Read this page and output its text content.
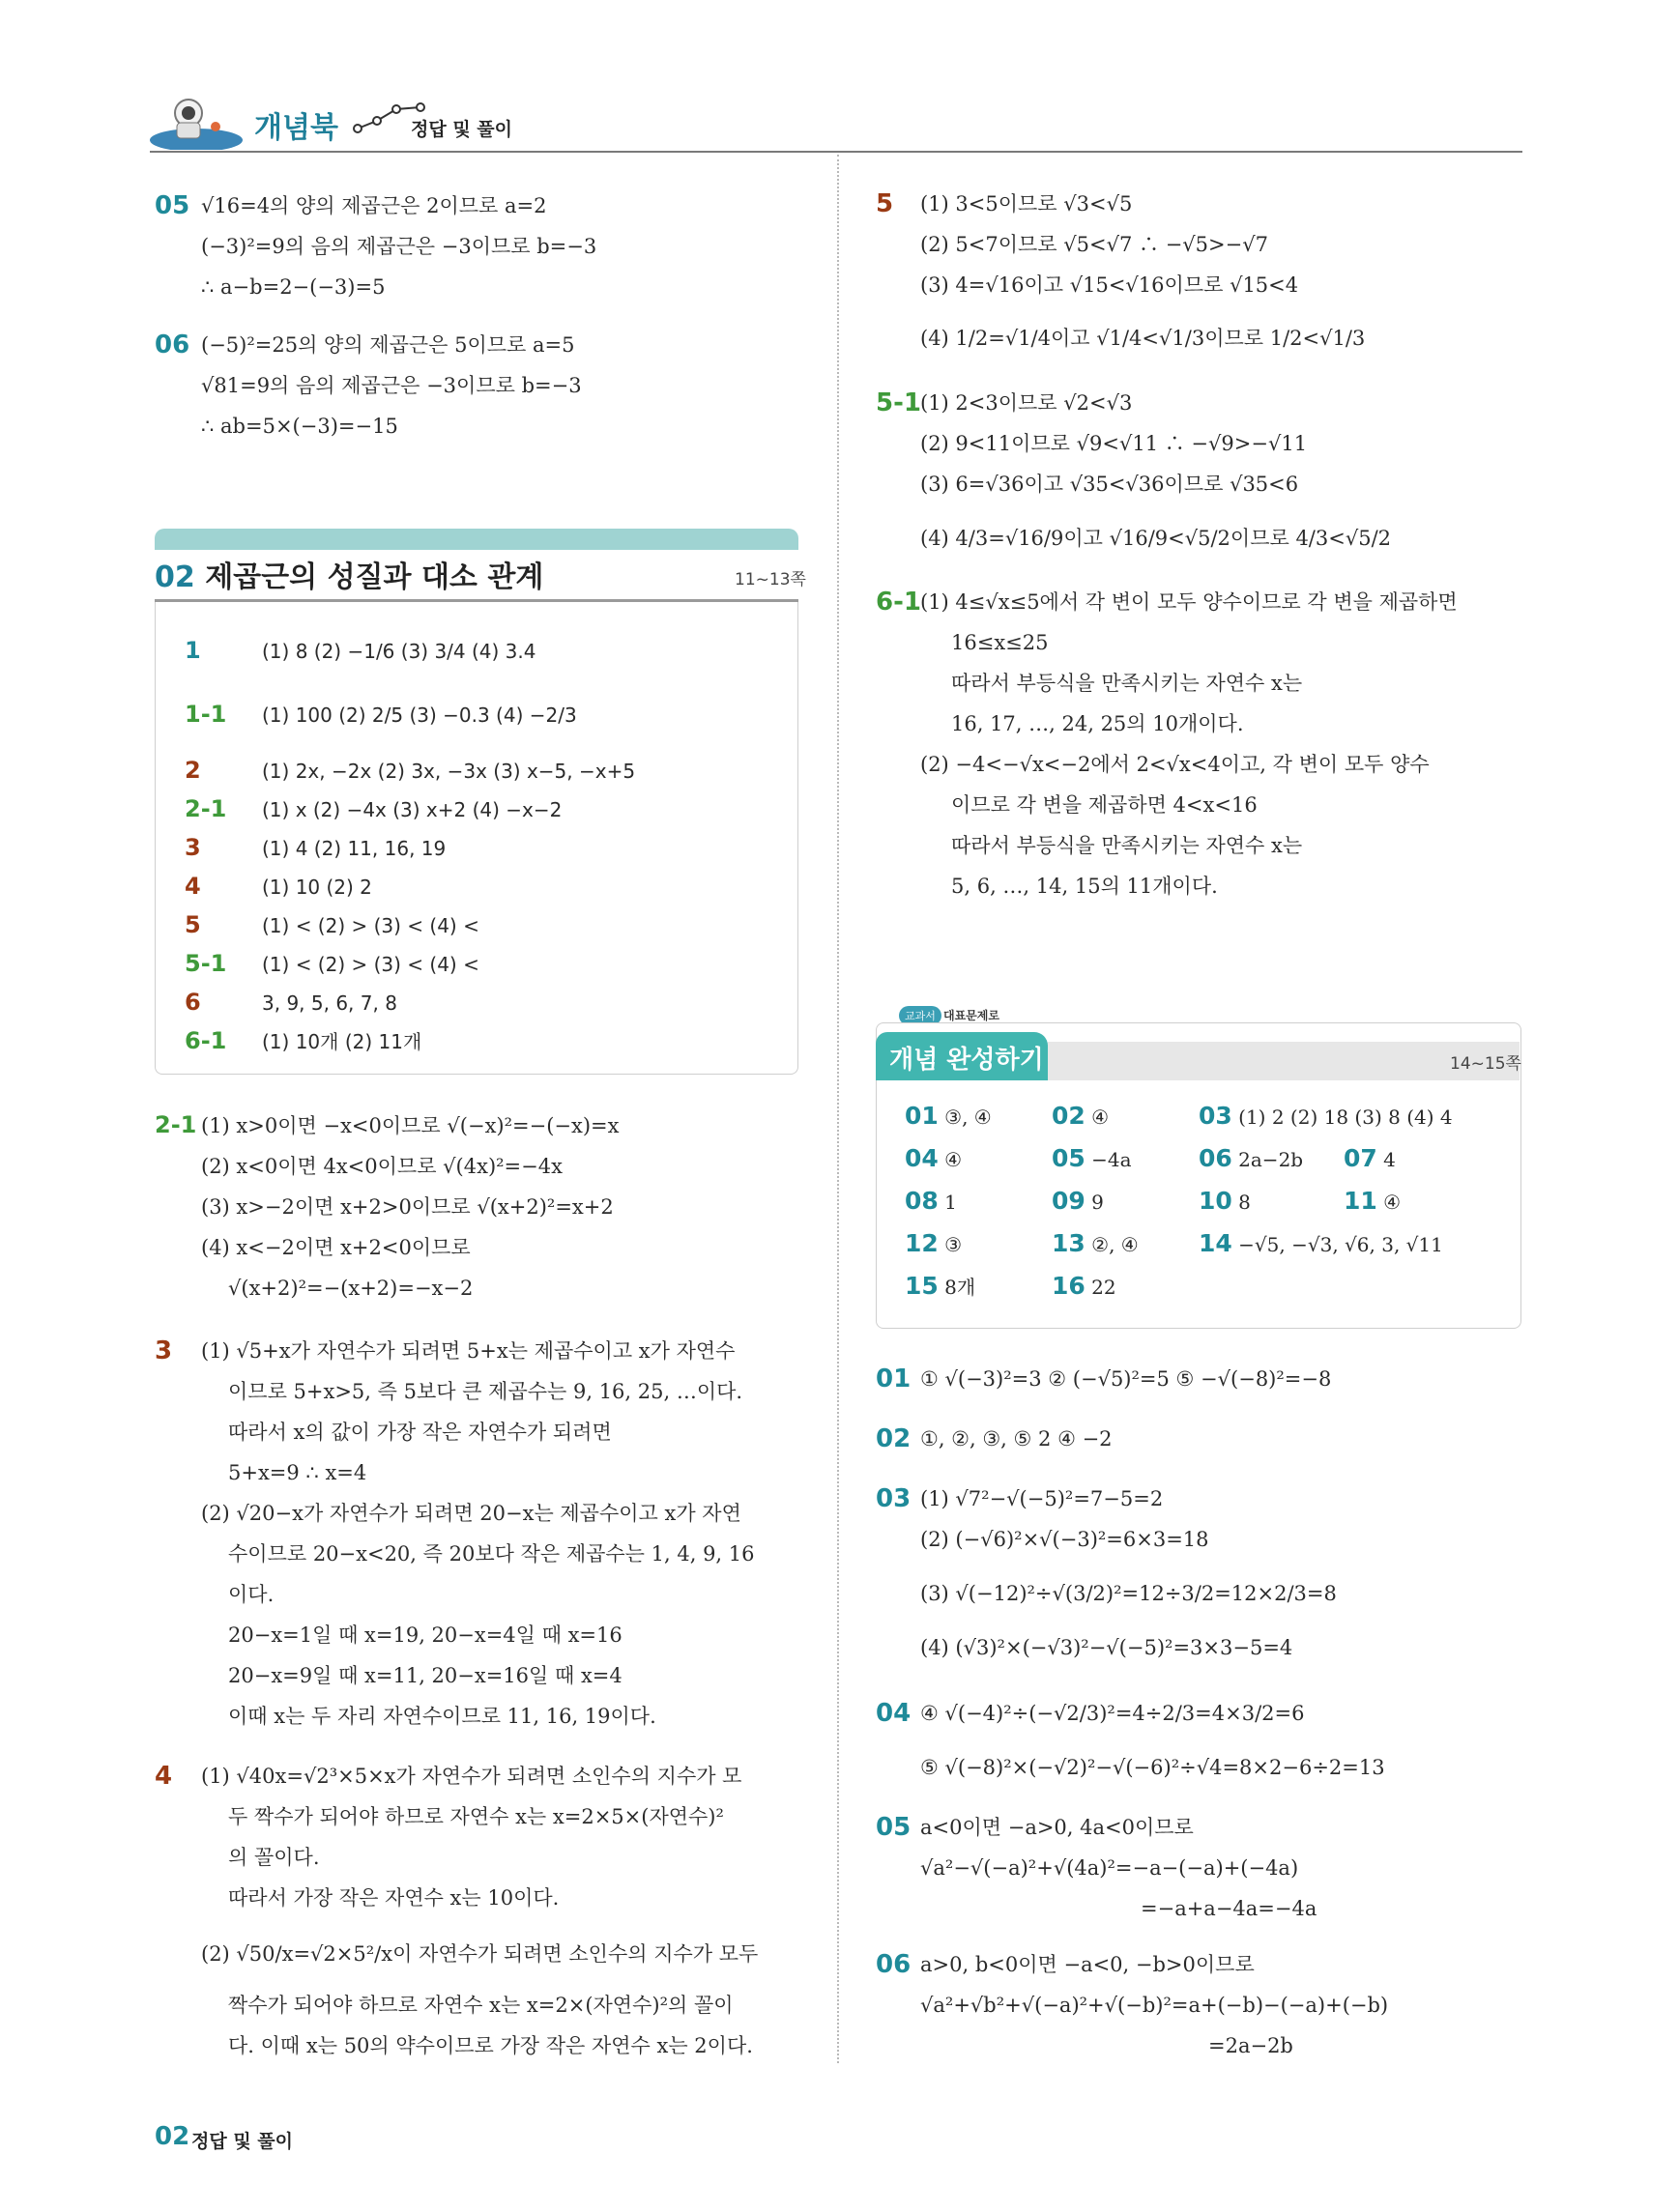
개념북	정답 및 풀이
05 √16=4의 양의 제곱근은 2이므로 a=2
(−3)²=9의 음의 제곱근은 −3이므로 b=−3
∴ a−b=2−(−3)=5
06 (−5)²=25의 양의 제곱근은 5이므로 a=5
√81=9의 음의 제곱근은 −3이므로 b=−3
∴ ab=5×(−3)=−15
02 제곱근의 성질과 대소 관계	11~13쪽
1	(1) 8 (2) −1/6 (3) 3/4 (4) 3.4
1-1 (1) 100 (2) 2/5 (3) −0.3 (4) −2/3
2	(1) 2x, −2x (2) 3x, −3x (3) x−5, −x+5
2-1 (1) x (2) −4x (3) x+2 (4) −x−2
3	(1) 4 (2) 11, 16, 19
4	(1) 10 (2) 2
5	(1) < (2) > (3) < (4) <
5-1 (1) < (2) > (3) < (4) <
6	3, 9, 5, 6, 7, 8
6-1 (1) 10개 (2) 11개
2-1 (1) x>0이면 −x<0이므로 √(−x)²=−(−x)=x
(2) x<0이면 4x<0이므로 √(4x)²=−4x
(3) x>−2이면 x+2>0이므로 √(x+2)²=x+2
(4) x<−2이면 x+2<0이므로
√(x+2)²=−(x+2)=−x−2
3 (1) √5+x가 자연수가 되려면 5+x는 제곱수이고 x가 자연수
이므로 5+x>5, 즉 5보다 큰 제곱수는 9, 16, 25, …이다.
따라서 x의 값이 가장 작은 자연수가 되려면
5+x=9 ∴ x=4
(2) √20−x가 자연수가 되려면 20−x는 제곱수이고 x가 자연
수이므로 20−x<20, 즉 20보다 작은 제곱수는 1, 4, 9, 16
이다.
20−x=1일 때 x=19, 20−x=4일 때 x=16
20−x=9일 때 x=11, 20−x=16일 때 x=4
이때 x는 두 자리 자연수이므로 11, 16, 19이다.
4 (1) √40x=√2³×5×x가 자연수가 되려면 소인수의 지수가 모
두 짝수가 되어야 하므로 자연수 x는 x=2×5×(자연수)²
의 꼴이다.
따라서 가장 작은 자연수 x는 10이다.
(2) √50/x=√2×5²/x이 자연수가 되려면 소인수의 지수가 모두
짝수가 되어야 하므로 자연수 x는 x=2×(자연수)²의 꼴이
다. 이때 x는 50의 약수이므로 가장 작은 자연수 x는 2이다.
5 (1) 3<5이므로 √3<√5
(2) 5<7이므로 √5<√7 ∴ −√5>−√7
(3) 4=√16이고 √15<√16이므로 √15<4
(4) 1/2=√1/4이고 √1/4<√1/3이므로 1/2<√1/3
5-1 (1) 2<3이므로 √2<√3
(2) 9<11이므로 √9<√11 ∴ −√9>−√11
(3) 6=√36이고 √35<√36이므로 √35<6
(4) 4/3=√16/9이고 √16/9<√5/2이므로 4/3<√5/2
6-1 (1) 4≤√x≤5에서 각 변이 모두 양수이므로 각 변을 제곱하면
16≤x≤25
따라서 부등식을 만족시키는 자연수 x는
16, 17, …, 24, 25의 10개이다.
(2) −4<−√x<−2에서 2<√x<4이고, 각 변이 모두 양수
이므로 각 변을 제곱하면 4<x<16
따라서 부등식을 만족시키는 자연수 x는
5, 6, …, 14, 15의 11개이다.
교과서 대표문제로
개념 완성하기	14~15쪽
01 ③, ④ 02 ④	03 (1) 2 (2) 18 (3) 8 (4) 4
04 ④	05 −4a	06 2a−2b 07 4
08 1	09 9	10 8	11 ④
12 ③	13 ②, ④ 14 −√5, −√3, √6, 3, √11
15 8개	16 22
01 ① √(−3)²=3 ② (−√5)²=5 ⑤ −√(−8)²=−8
02 ①, ②, ③, ⑤ 2 ④ −2
03 (1) √7²−√(−5)²=7−5=2
(2) (−√6)²×√(−3)²=6×3=18
(3) √(−12)²÷√(3/2)²=12÷3/2=12×2/3=8
(4) (√3)²×(−√3)²−√(−5)²=3×3−5=4
04 ④ √(−4)²÷(−√2/3)²=4÷2/3=4×3/2=6
⑤ √(−8)²×(−√2)²−√(−6)²÷√4=8×2−6÷2=13
05 a<0이면 −a>0, 4a<0이므로
√a²−√(−a)²+√(4a)²=−a−(−a)+(−4a)
=−a+a−4a=−4a
06 a>0, b<0이면 −a<0, −b>0이므로
√a²+√b²+√(−a)²+√(−b)²=a+(−b)−(−a)+(−b)
=2a−2b
02 정답 및 풀이
